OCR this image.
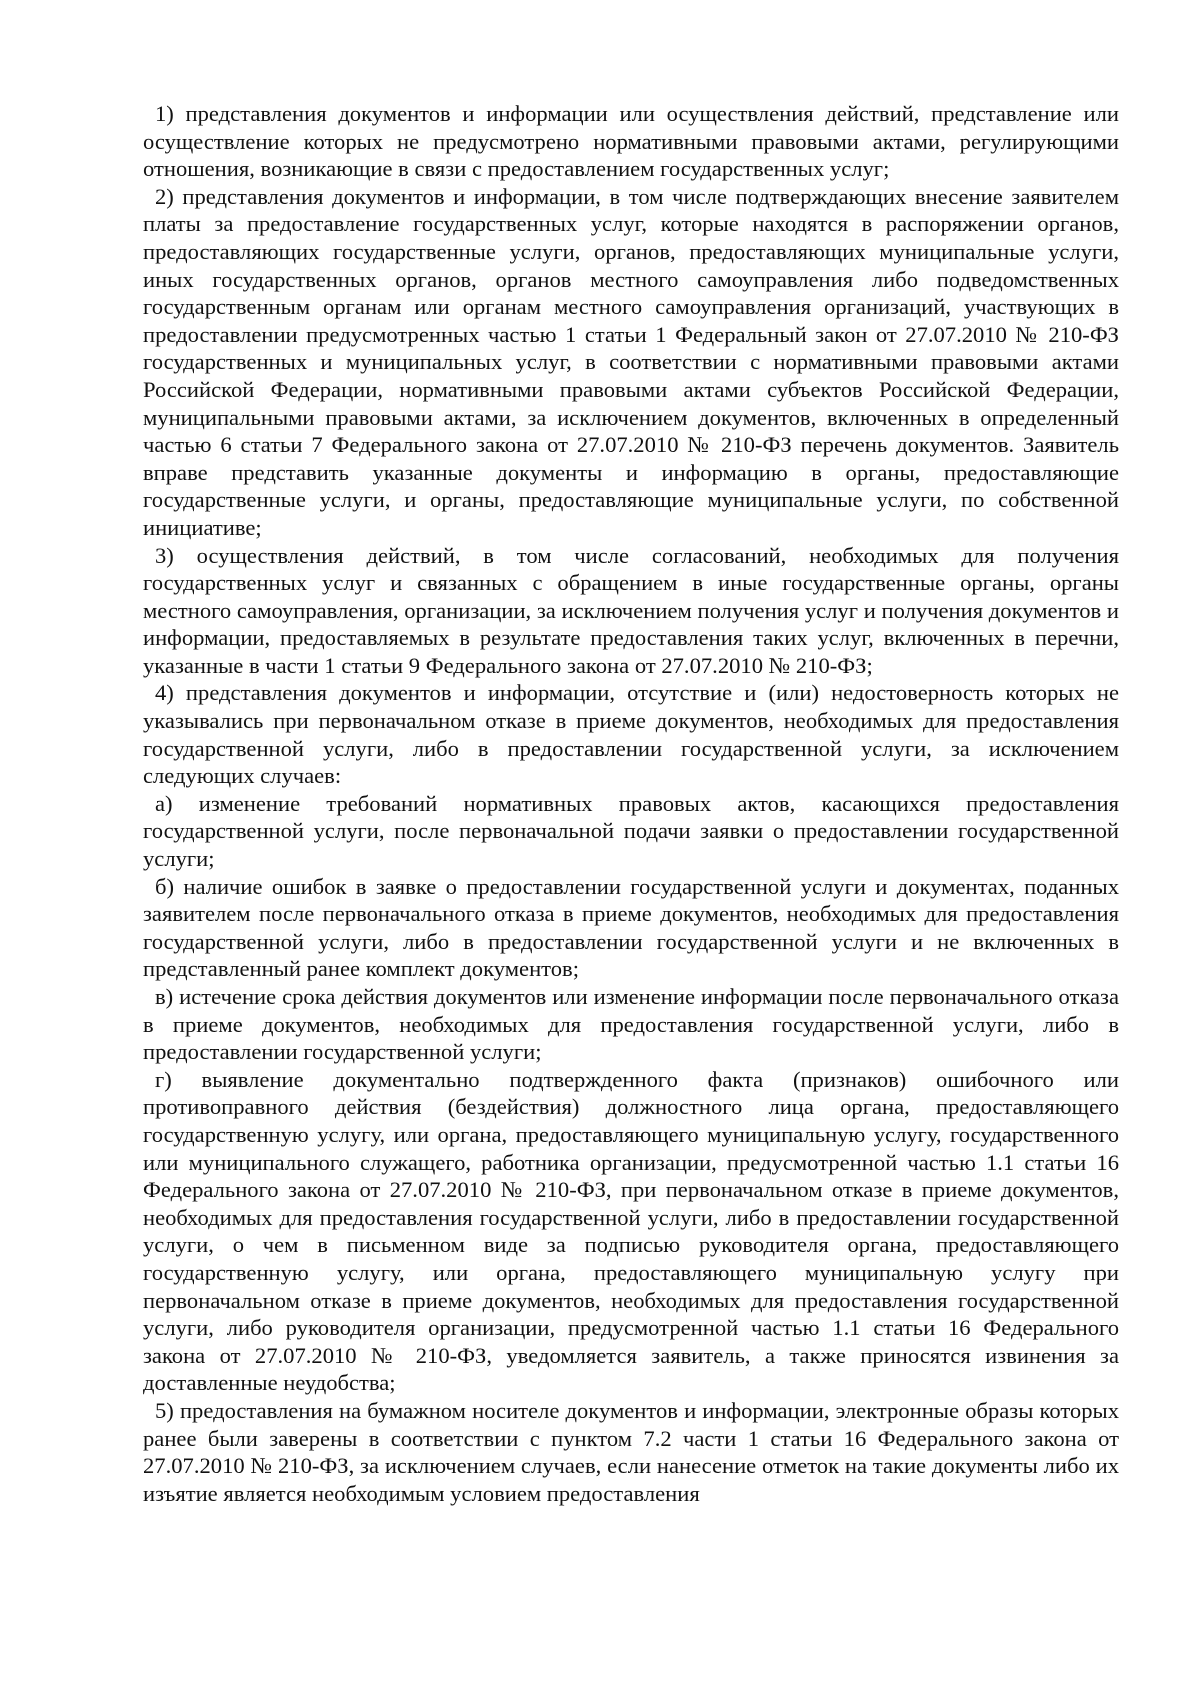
1) представления документов и информации или осуществления действий, представление или осуществление которых не предусмотрено нормативными правовыми актами, регулирующими отношения, возникающие в связи с предоставлением государственных услуг;

2) представления документов и информации, в том числе подтверждающих внесение заявителем платы за предоставление государственных услуг, которые находятся в распоряжении органов, предоставляющих государственные услуги, органов, предоставляющих муниципальные услуги, иных государственных органов, органов местного самоуправления либо подведомственных государственным органам или органам местного самоуправления организаций, участвующих в предоставлении предусмотренных частью 1 статьи 1 Федеральный закон от 27.07.2010 № 210-ФЗ государственных и муниципальных услуг, в соответствии с нормативными правовыми актами Российской Федерации, нормативными правовыми актами субъектов Российской Федерации, муниципальными правовыми актами, за исключением документов, включенных в определенный частью 6 статьи 7 Федерального закона от 27.07.2010 № 210-ФЗ перечень документов. Заявитель вправе представить указанные документы и информацию в органы, предоставляющие государственные услуги, и органы, предоставляющие муниципальные услуги, по собственной инициативе;

3) осуществления действий, в том числе согласований, необходимых для получения государственных услуг и связанных с обращением в иные государственные органы, органы местного самоуправления, организации, за исключением получения услуг и получения документов и информации, предоставляемых в результате предоставления таких услуг, включенных в перечни, указанные в части 1 статьи 9 Федерального закона от 27.07.2010 № 210-ФЗ;

4) представления документов и информации, отсутствие и (или) недостоверность которых не указывались при первоначальном отказе в приеме документов, необходимых для предоставления государственной услуги, либо в предоставлении государственной услуги, за исключением следующих случаев:

а) изменение требований нормативных правовых актов, касающихся предоставления государственной услуги, после первоначальной подачи заявки о предоставлении государственной услуги;

б) наличие ошибок в заявке о предоставлении государственной услуги и документах, поданных заявителем после первоначального отказа в приеме документов, необходимых для предоставления государственной услуги, либо в предоставлении государственной услуги и не включенных в представленный ранее комплект документов;

в) истечение срока действия документов или изменение информации после первоначального отказа в приеме документов, необходимых для предоставления государственной услуги, либо в предоставлении государственной услуги;

г) выявление документально подтвержденного факта (признаков) ошибочного или противоправного действия (бездействия) должностного лица органа, предоставляющего государственную услугу, или органа, предоставляющего муниципальную услугу, государственного или муниципального служащего, работника организации, предусмотренной частью 1.1 статьи 16 Федерального закона от 27.07.2010 № 210-ФЗ, при первоначальном отказе в приеме документов, необходимых для предоставления государственной услуги, либо в предоставлении государственной услуги, о чем в письменном виде за подписью руководителя органа, предоставляющего государственную услугу, или органа, предоставляющего муниципальную услугу при первоначальном отказе в приеме документов, необходимых для предоставления государственной услуги, либо руководителя организации, предусмотренной частью 1.1 статьи 16 Федерального закона от 27.07.2010 № 210-ФЗ, уведомляется заявитель, а также приносятся извинения за доставленные неудобства;

5) предоставления на бумажном носителе документов и информации, электронные образы которых ранее были заверены в соответствии с пунктом 7.2 части 1 статьи 16 Федерального закона от 27.07.2010 № 210-ФЗ, за исключением случаев, если нанесение отметок на такие документы либо их изъятие является необходимым условием предоставления
